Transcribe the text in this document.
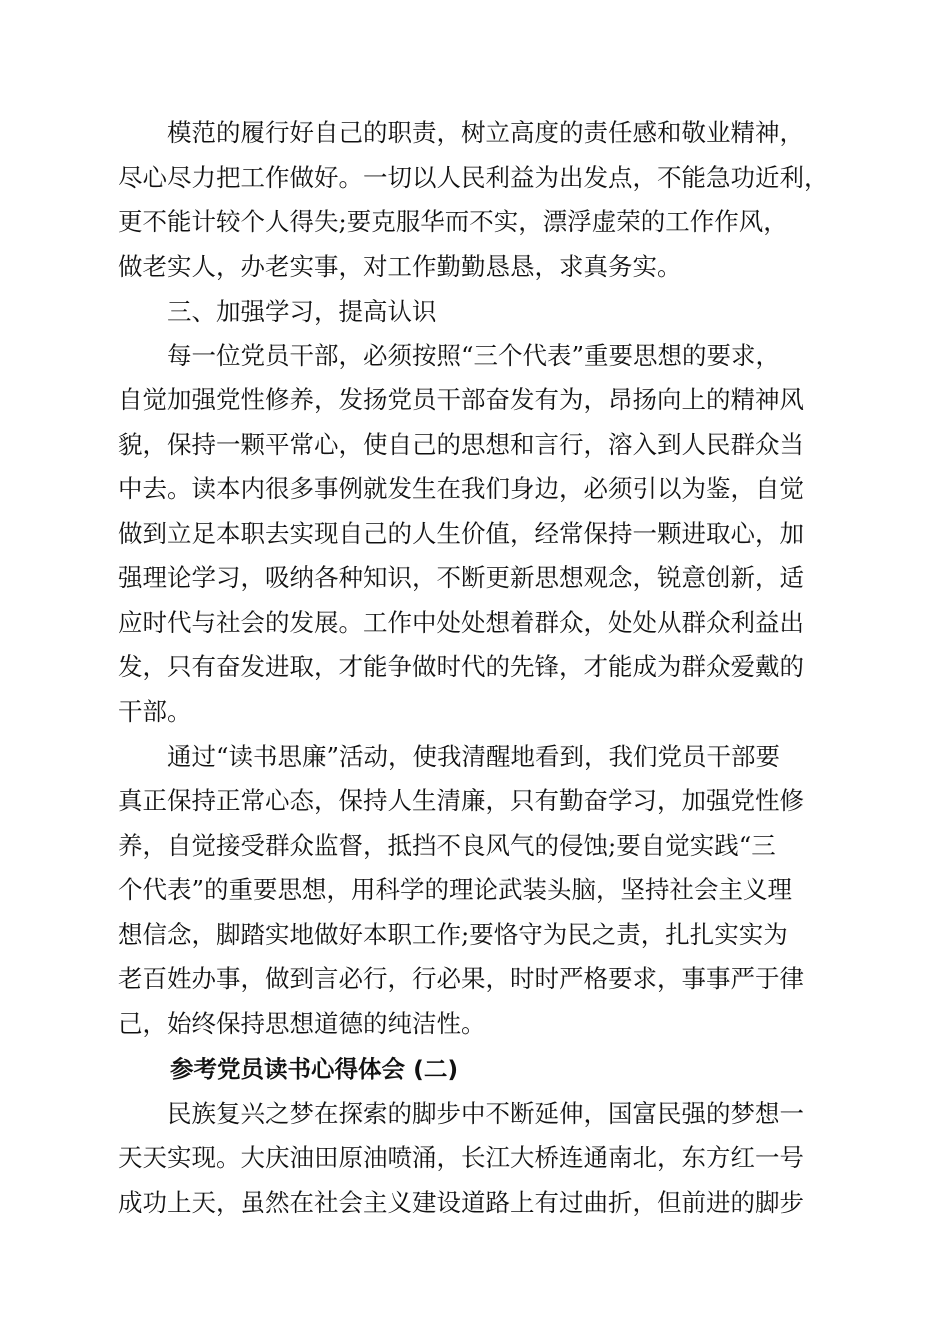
模范的履行好自己的职责，树立高度的责任感和敬业精神，
尽心尽力把工作做好。一切以人民利益为出发点，不能急功近利，
更不能计较个人得失;要克服华而不实，漂浮虚荣的工作作风，
做老实人，办老实事，对工作勤勤恳恳，求真务实。
三、加强学习，提高认识
每一位党员干部，必须按照“三个代表”重要思想的要求，
自觉加强党性修养，发扬党员干部奋发有为，昂扬向上的精神风
貌，保持一颗平常心，使自己的思想和言行，溶入到人民群众当
中去。读本内很多事例就发生在我们身边，必须引以为鉴，自觉
做到立足本职去实现自己的人生价值，经常保持一颗进取心，加
强理论学习，吸纳各种知识，不断更新思想观念，锐意创新，适
应时代与社会的发展。工作中处处想着群众，处处从群众利益出
发，只有奋发进取，才能争做时代的先锋，才能成为群众爱戴的
干部。
通过“读书思廉”活动，使我清醒地看到，我们党员干部要
真正保持正常心态，保持人生清廉，只有勤奋学习，加强党性修
养，自觉接受群众监督，抵挡不良风气的侵蚀;要自觉实践“三
个代表”的重要思想，用科学的理论武装头脑，坚持社会主义理
想信念，脚踏实地做好本职工作;要恪守为民之责，扎扎实实为
老百姓办事，做到言必行，行必果，时时严格要求，事事严于律
己，始终保持思想道德的纯洁性。
参考党员读书心得体会 (二)
民族复兴之梦在探索的脚步中不断延伸，国富民强的梦想一
天天实现。大庆油田原油喷涌，长江大桥连通南北，东方红一号
成功上天，虽然在社会主义建设道路上有过曲折，但前进的脚步
